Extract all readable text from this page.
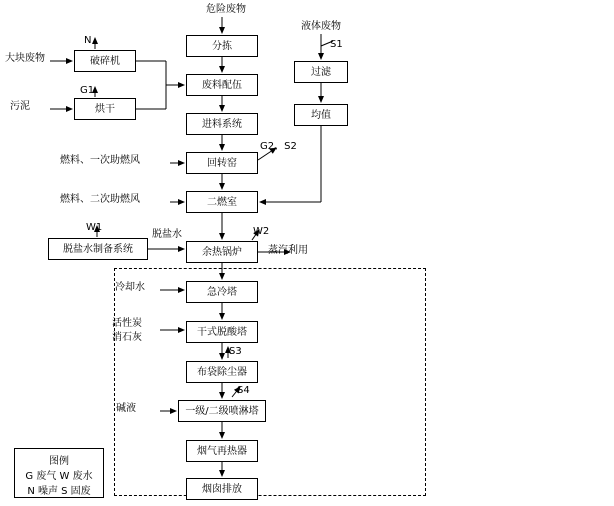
图例
G 废气 W 废水
N 噪声 S 固废
分拣
废料配伍
进料系统
回转窑
二燃室
余热锅炉
急冷塔
干式脱酸塔
布袋除尘器
一级/二级喷淋塔
烟气再热器
烟囱排放
破碎机
烘干
脱盐水制备系统
过滤
均值
危险废物
液体废物
S1
大块废物
污泥
N
G1
G2、S2
燃料、一次助燃风
燃料、二次助燃风
W1	W2
脱盐水
蒸汽利用
冷却水
活性炭
消石灰
S3
S4
碱液
